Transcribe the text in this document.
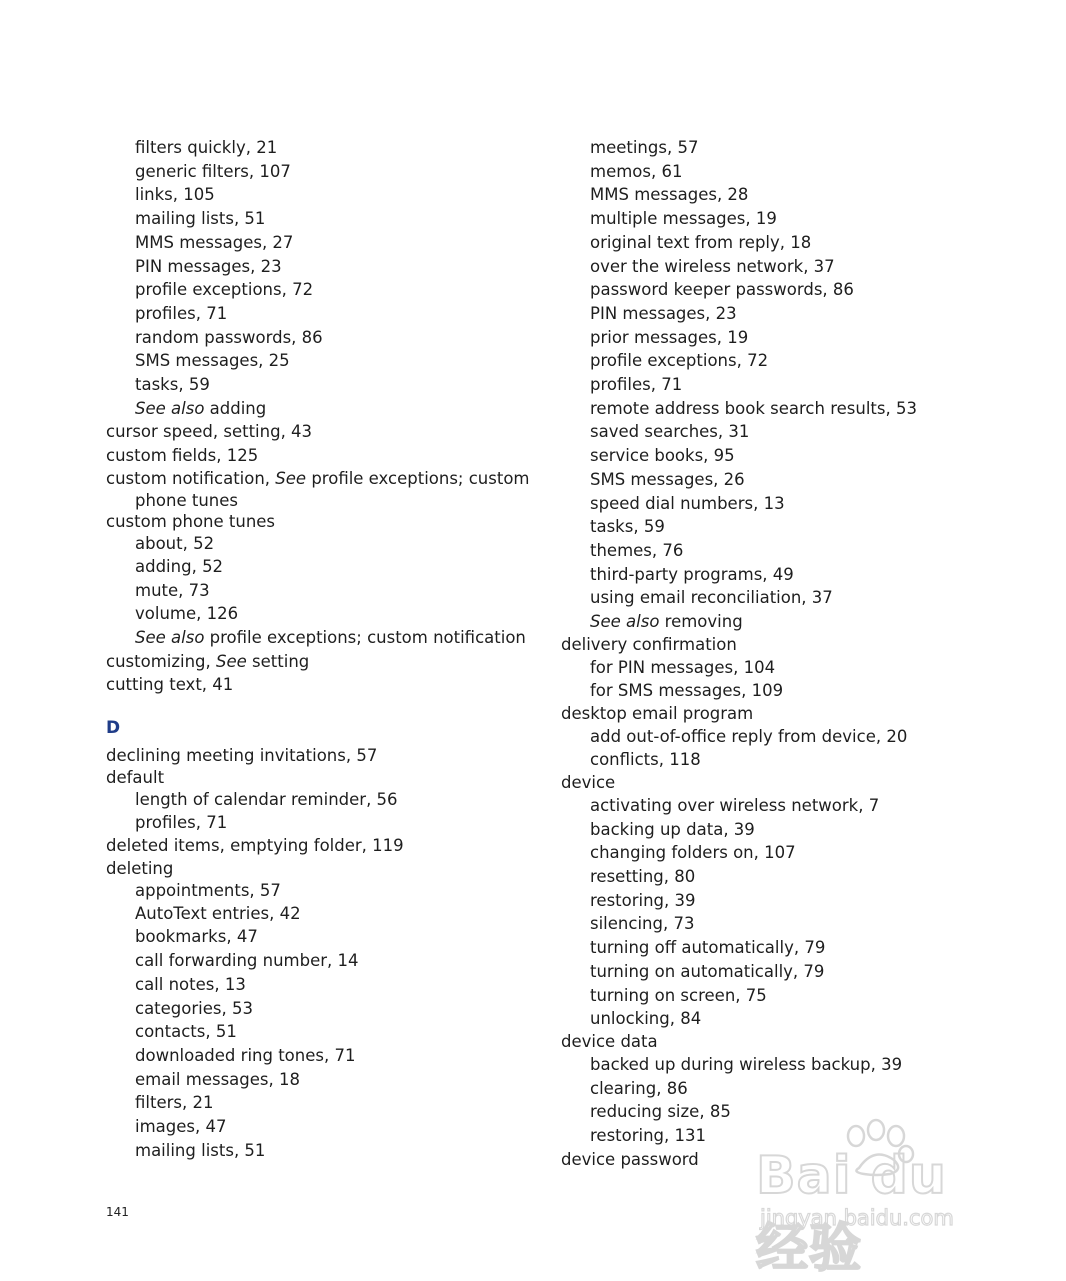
filters quickly, 21
generic filters, 107
links, 105
mailing lists, 51
MMS messages, 27
PIN messages, 23
profile exceptions, 72
profiles, 71
random passwords, 86
SMS messages, 25
tasks, 59
See also adding
cursor speed, setting, 43
custom fields, 125
custom notification, See profile exceptions; custom
phone tunes
custom phone tunes
about, 52
adding, 52
mute, 73
volume, 126
See also profile exceptions; custom notification
customizing, See setting
cutting text, 41
D
declining meeting invitations, 57
default
length of calendar reminder, 56
profiles, 71
deleted items, emptying folder, 119
deleting
appointments, 57
AutoText entries, 42
bookmarks, 47
call forwarding number, 14
call notes, 13
categories, 53
contacts, 51
downloaded ring tones, 71
email messages, 18
filters, 21
images, 47
mailing lists, 51
meetings, 57
memos, 61
MMS messages, 28
multiple messages, 19
original text from reply, 18
over the wireless network, 37
password keeper passwords, 86
PIN messages, 23
prior messages, 19
profile exceptions, 72
profiles, 71
remote address book search results, 53
saved searches, 31
service books, 95
SMS messages, 26
speed dial numbers, 13
tasks, 59
themes, 76
third-party programs, 49
using email reconciliation, 37
See also removing
delivery confirmation
for PIN messages, 104
for SMS messages, 109
desktop email program
add out-of-office reply from device, 20
conflicts, 118
device
activating over wireless network, 7
backing up data, 39
changing folders on, 107
resetting, 80
restoring, 39
silencing, 73
turning off automatically, 79
turning on automatically, 79
turning on screen, 75
unlocking, 84
device data
backed up during wireless backup, 39
clearing, 86
reducing size, 85
restoring, 131
device password
141
Bai du 经验
jingyan.baidu.com
